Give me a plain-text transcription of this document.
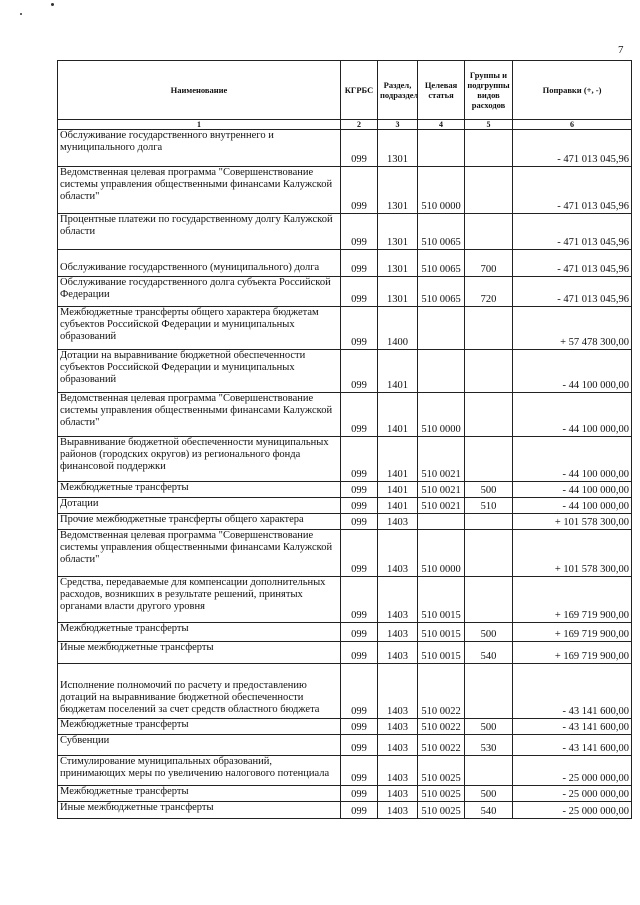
7
Наименование	КГРБС	Раздел, подраздел	Целевая статья	Группы и подгруппы видов расходов	Поправки (+, -)
1	2	3	4	5	6
Обслуживание государственного внутреннего и муниципального долга	099	1301			- 471 013 045,96
Ведомственная целевая программа "Совершенствование системы управления общественными финансами Калужской области"	099	1301	510 0000		- 471 013 045,96
Процентные платежи по государственному долгу Калужской области	099	1301	510 0065		- 471 013 045,96
Обслуживание государственного (муниципального) долга	099	1301	510 0065	700	- 471 013 045,96
Обслуживание государственного долга субъекта Российской Федерации	099	1301	510 0065	720	- 471 013 045,96
Межбюджетные трансферты общего характера бюджетам субъектов Российской Федерации и муниципальных образований	099	1400			+ 57 478 300,00
Дотации на выравнивание бюджетной обеспеченности субъектов Российской Федерации и муниципальных образований	099	1401			- 44 100 000,00
Ведомственная целевая программа "Совершенствование системы управления общественными финансами Калужской области"	099	1401	510 0000		- 44 100 000,00
Выравнивание бюджетной обеспеченности муниципальных районов (городских округов) из регионального фонда финансовой поддержки	099	1401	510 0021		- 44 100 000,00
Межбюджетные трансферты	099	1401	510 0021	500	- 44 100 000,00
Дотации	099	1401	510 0021	510	- 44 100 000,00
Прочие межбюджетные трансферты общего характера	099	1403			+ 101 578 300,00
Ведомственная целевая программа "Совершенствование системы управления общественными финансами Калужской области"	099	1403	510 0000		+ 101 578 300,00
Средства, передаваемые для компенсации дополнительных расходов, возникших в результате решений, принятых органами власти другого уровня	099	1403	510 0015		+ 169 719 900,00
Межбюджетные трансферты	099	1403	510 0015	500	+ 169 719 900,00
Иные межбюджетные трансферты	099	1403	510 0015	540	+ 169 719 900,00
Исполнение полномочий по расчету и предоставлению дотаций на выравнивание бюджетной обеспеченности бюджетам поселений за счет средств областного бюджета	099	1403	510 0022		- 43 141 600,00
Межбюджетные трансферты	099	1403	510 0022	500	- 43 141 600,00
Субвенции	099	1403	510 0022	530	- 43 141 600,00
Стимулирование муниципальных образований, принимающих меры по увеличению налогового потенциала	099	1403	510 0025		- 25 000 000,00
Межбюджетные трансферты	099	1403	510 0025	500	- 25 000 000,00
Иные межбюджетные трансферты	099	1403	510 0025	540	- 25 000 000,00
